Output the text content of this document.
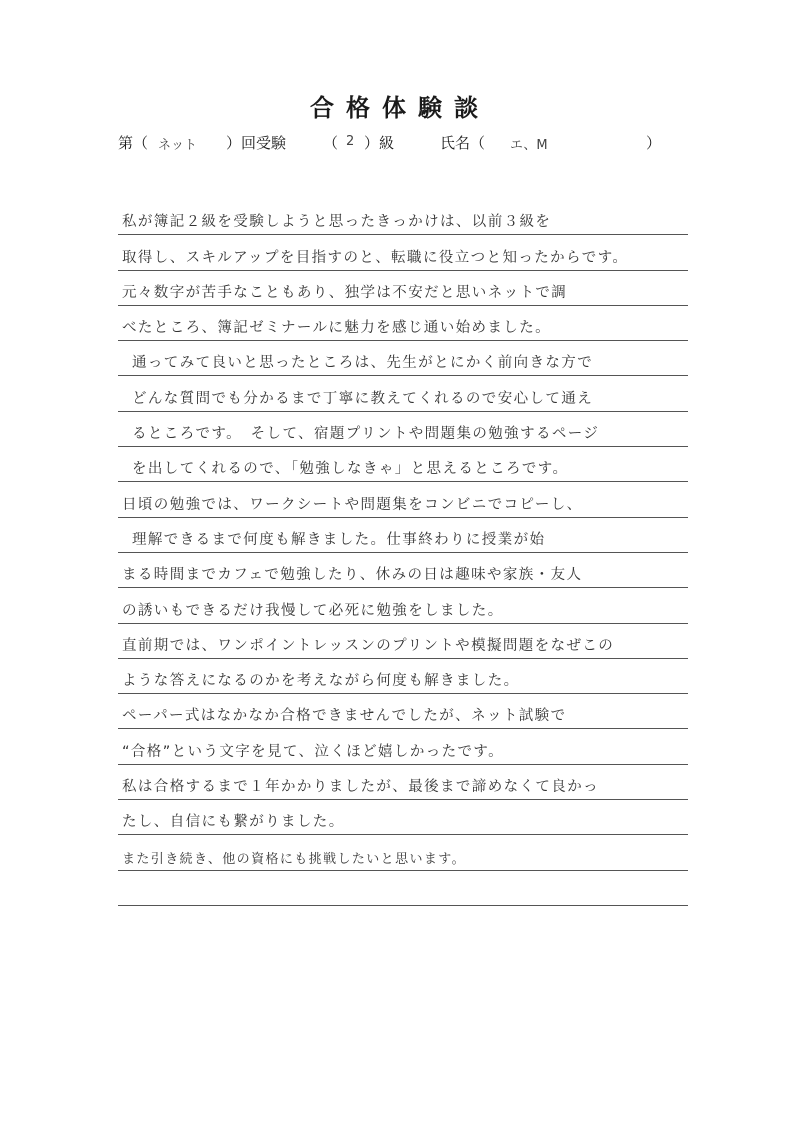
合格体験談
第（ ネット ）回受験 （ 2 ）級	氏名（ エ、M	）
私が簿記２級を受験しようと思ったきっかけは、以前３級を
取得し、スキルアップを目指すのと、転職に役立つと知ったからです。
元々数字が苦手なこともあり、独学は不安だと思いネットで調
べたところ、簿記ゼミナールに魅力を感じ通い始めました。
通ってみて良いと思ったところは、先生がとにかく前向きな方で
どんな質問でも分かるまで丁寧に教えてくれるので安心して通え
るところです。　そして、宿題プリントや問題集の勉強するページ
を出してくれるので、「勉強しなきゃ」と思えるところです。
日頃の勉強では、ワークシートや問題集をコンビニでコピーし、
理解できるまで何度も解きました。仕事終わりに授業が始
まる時間までカフェで勉強したり、休みの日は趣味や家族・友人
の誘いもできるだけ我慢して必死に勉強をしました。
直前期では、ワンポイントレッスンのプリントや模擬問題をなぜこの
ような答えになるのかを考えながら何度も解きました。
ペーパー式はなかなか合格できませんでしたが、ネット試験で
“合格”という文字を見て、泣くほど嬉しかったです。
私は合格するまで１年かかりましたが、最後まで諦めなくて良かっ
たし、自信にも繋がりました。
また引き続き、他の資格にも挑戦したいと思います。
